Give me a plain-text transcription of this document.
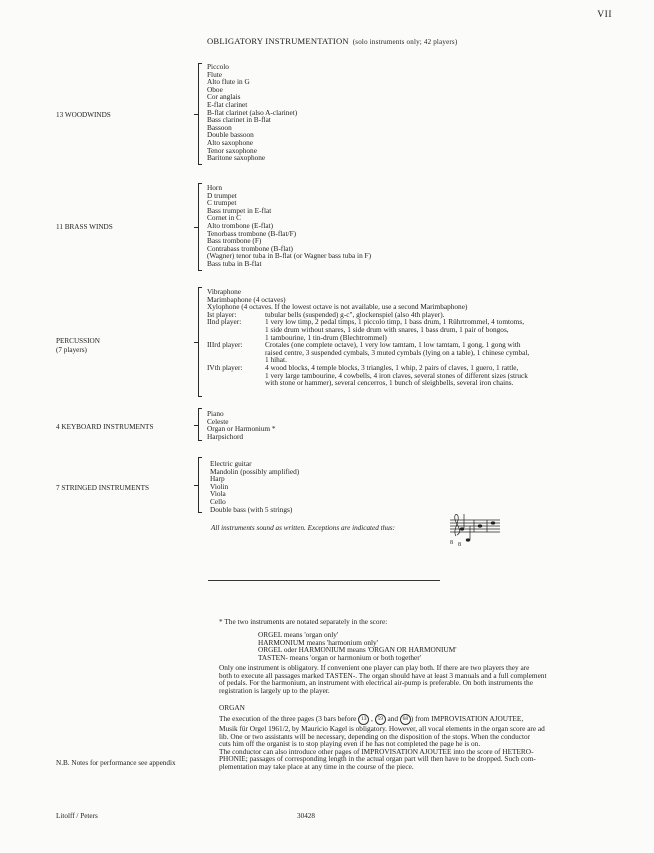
VII
OBLIGATORY INSTRUMENTATION (solo instruments only; 42 players)
13 WOODWINDS
Piccolo
Flute
Alto flute in G
Oboe
Cor anglais
E-flat clarinet
B-flat clarinet (also A-clarinet)
Bass clarinet in B-flat
Bassoon
Double bassoon
Alto saxophone
Tenor saxophone
Baritone saxophone
11 BRASS WINDS
Horn
D trumpet
C trumpet
Bass trumpet in E-flat
Cornet in C
Alto trombone (E-flat)
Tenorbass trombone (B-flat/F)
Bass trombone (F)
Contrabass trombone (B-flat)
(Wagner) tenor tuba in B-flat (or Wagner bass tuba in F)
Bass tuba in B-flat
PERCUSSION
(7 players)
Vibraphone
Marimbaphone (4 octaves)
Xylophone (4 octaves. If the lowest octave is not available, use a second Marimbaphone)
Ist player:	tubular bells (suspended) g-c", glockenspiel (also 4th player).
IInd player:	1 very low timp, 2 pedal timps, 1 piccolo timp, 1 bass drum, 1 Rührtrommel, 4 tomtoms,
1 side drum without snares, 1 side drum with snares, 1 bass drum, 1 pair of bongos,
1 tambourine, 1 tin-drum (Blechtrommel)
IIIrd player:	Crotales (one complete octave), 1 very low tamtam, 1 low tamtam, 1 gong, 1 gong with
raised centre, 3 suspended cymbals, 3 muted cymbals (lying on a table), 1 chinese cymbal,
1 hihat.
IVth player:	4 wood blocks, 4 temple blocks, 3 triangles, 1 whip, 2 pairs of claves, 1 guero, 1 rattle,
1 very large tambourine, 4 cowbells, 4 iron claves, several stones of different sizes (struck
with stone or hammer), several cencerros, 1 bunch of sleighbells, several iron chains.
4 KEYBOARD INSTRUMENTS
Piano
Celeste
Organ or Harmonium *
Harpsichord
7 STRINGED INSTRUMENTS
Electric guitar
Mandolin (possibly amplified)
Harp
Violin
Viola
Cello
Double bass (with 5 strings)
All instruments sound as written. Exceptions are indicated thus:
8 8
* The two instruments are notated separately in the score:
ORGEL means 'organ only'
HARMONIUM means 'harmonium only'
ORGEL oder HARMONIUM means 'ORGAN OR HARMONIUM'
TASTEN- means 'organ or harmonium or both together'
Only one instrument is obligatory. If convenient one player can play both. If there are two players they are
both to execute all passages marked TASTEN-. The organ should have at least 3 manuals and a full complement
of pedals. For the harmonium, an instrument with electrical air-pump is preferable. On both instruments the
registration is largely up to the player.
ORGAN
The execution of the three pages (3 bars before 13 , 59 and 68 ) from IMPROVISATION AJOUTEE,
Musik für Orgel 1961/2, by Mauricio Kagel is obligatory. However, all vocal elements in the organ score are ad
lib. One or two assistants will be necessary, depending on the disposition of the stops. When the conductor
cuts him off the organist is to stop playing even if he has not completed the page he is on.
The conductor can also introduce other pages of IMPROVISATION AJOUTEE into the score of HETERO-
PHONIE; passages of corresponding length in the actual organ part will then have to be dropped. Such com-
plementation may take place at any time in the course of the piece.
N.B. Notes for performance see appendix
Litolff / Peters	30428
